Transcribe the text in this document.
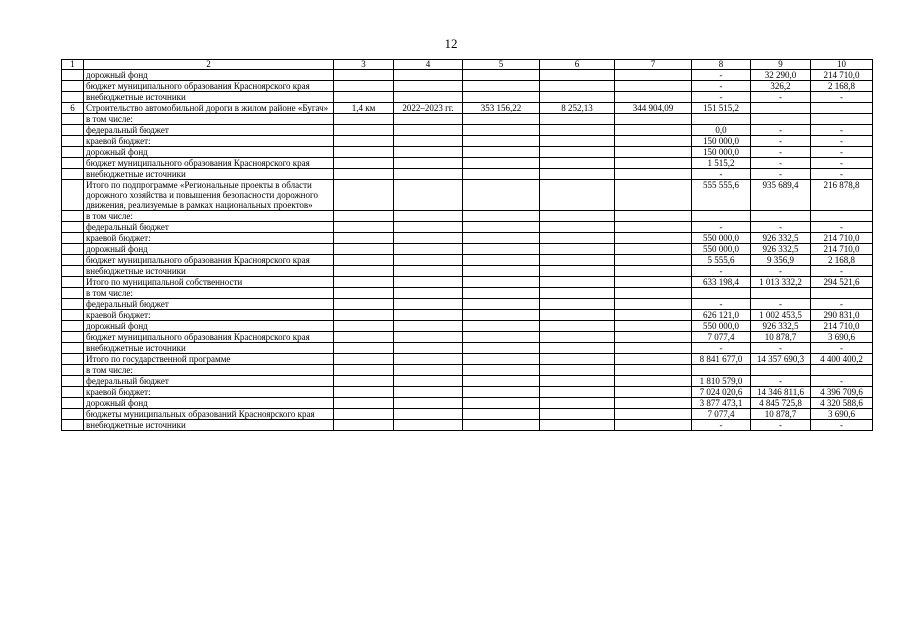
12
1	2	3	4	5	6	7	8	9	10
	дорожный фонд						-	32 290,0	214 710,0
	бюджет муниципального образования Красноярского края						-	326,2	2 168,8
	внебюджетные источники						-	-	-
6	Строительство автомобильной дороги в жилом районе «Бугач»	1,4 км	2022–2023 гг.	353 156,22	8 252,13	344 904,09	151 515,2		
	в том числе:								
	федеральный бюджет						0,0	-	-
	краевой бюджет:						150 000,0	-	-
	дорожный фонд						150 000,0	-	-
	бюджет муниципального образования Красноярского края						1 515,2	-	-
	внебюджетные источники						-	-	-
	Итого по подпрограмме «Региональные проекты в области дорожного хозяйства и повышения безопасности дорожного движения, реализуемые в рамках национальных проектов»						555 555,6	935 689,4	216 878,8
	в том числе:								
	федеральный бюджет						-	-	-
	краевой бюджет:						550 000,0	926 332,5	214 710,0
	дорожный фонд						550 000,0	926 332,5	214 710,0
	бюджет муниципального образования Красноярского края						5 555,6	9 356,9	2 168,8
	внебюджетные источники						-	-	-
	Итого по муниципальной собственности						633 198,4	1 013 332,2	294 521,6
	в том числе:								
	федеральный бюджет						-	-	-
	краевой бюджет:						626 121,0	1 002 453,5	290 831,0
	дорожный фонд						550 000,0	926 332,5	214 710,0
	бюджет муниципального образования Красноярского края						7 077,4	10 878,7	3 690,6
	внебюджетные источники						-	-	-
	Итого по государственной программе						8 841 677,0	14 357 690,3	4 400 400,2
	в том числе:								
	федеральный бюджет						1 810 579,0	-	-
	краевой бюджет:						7 024 020,6	14 346 811,6	4 396 709,6
	дорожный фонд						3 877 473,1	4 845 725,8	4 320 588,6
	бюджеты муниципальных образований Красноярского края						7 077,4	10 878,7	3 690,6
	внебюджетные источники						-	-	-
